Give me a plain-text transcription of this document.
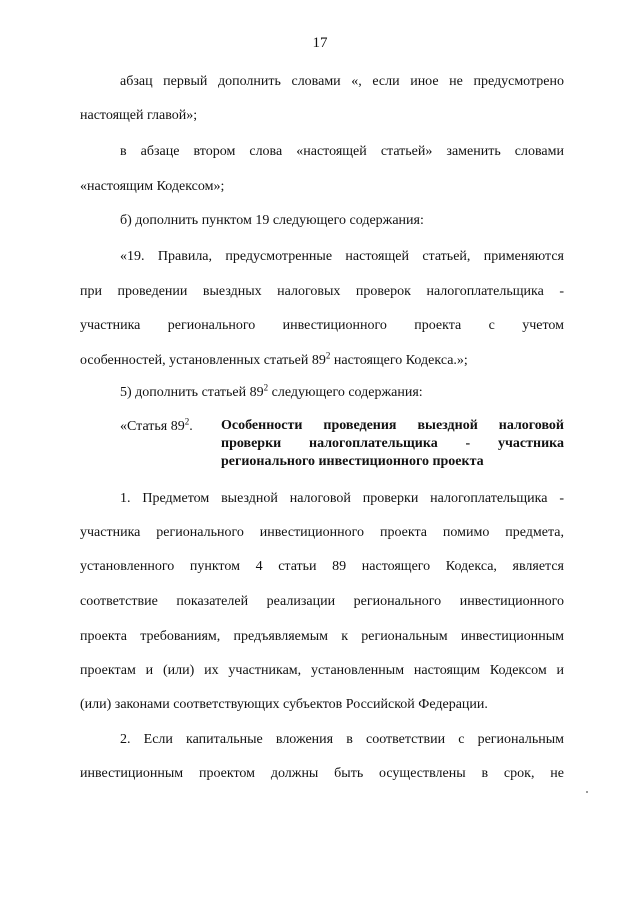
17
абзац первый дополнить словами «, если иное не предусмотрено
настоящей главой»;
в абзаце втором слова «настоящей статьей» заменить словами
«настоящим Кодексом»;
б) дополнить пунктом 19 следующего содержания:
«19. Правила, предусмотренные настоящей статьей, применяются
при проведении выездных налоговых проверок налогоплательщика -
участника регионального инвестиционного проекта с учетом
особенностей, установленных статьей $89^2$ настоящего Кодекса.»;
5) дополнить статьей $89^2$ следующего содержания:
«Статья $89^2$. Особенности проведения выездной налоговой
проверки налогоплательщика - участника
регионального инвестиционного проекта
1. Предметом выездной налоговой проверки налогоплательщика -
участника регионального инвестиционного проекта помимо предмета,
установленного пунктом 4 статьи 89 настоящего Кодекса, является
соответствие показателей реализации регионального инвестиционного
проекта требованиям, предъявляемым к региональным инвестиционным
проектам и (или) их участникам, установленным настоящим Кодексом и
(или) законами соответствующих субъектов Российской Федерации.
2. Если капитальные вложения в соответствии с региональным
инвестиционным проектом должны быть осуществлены в срок, не
